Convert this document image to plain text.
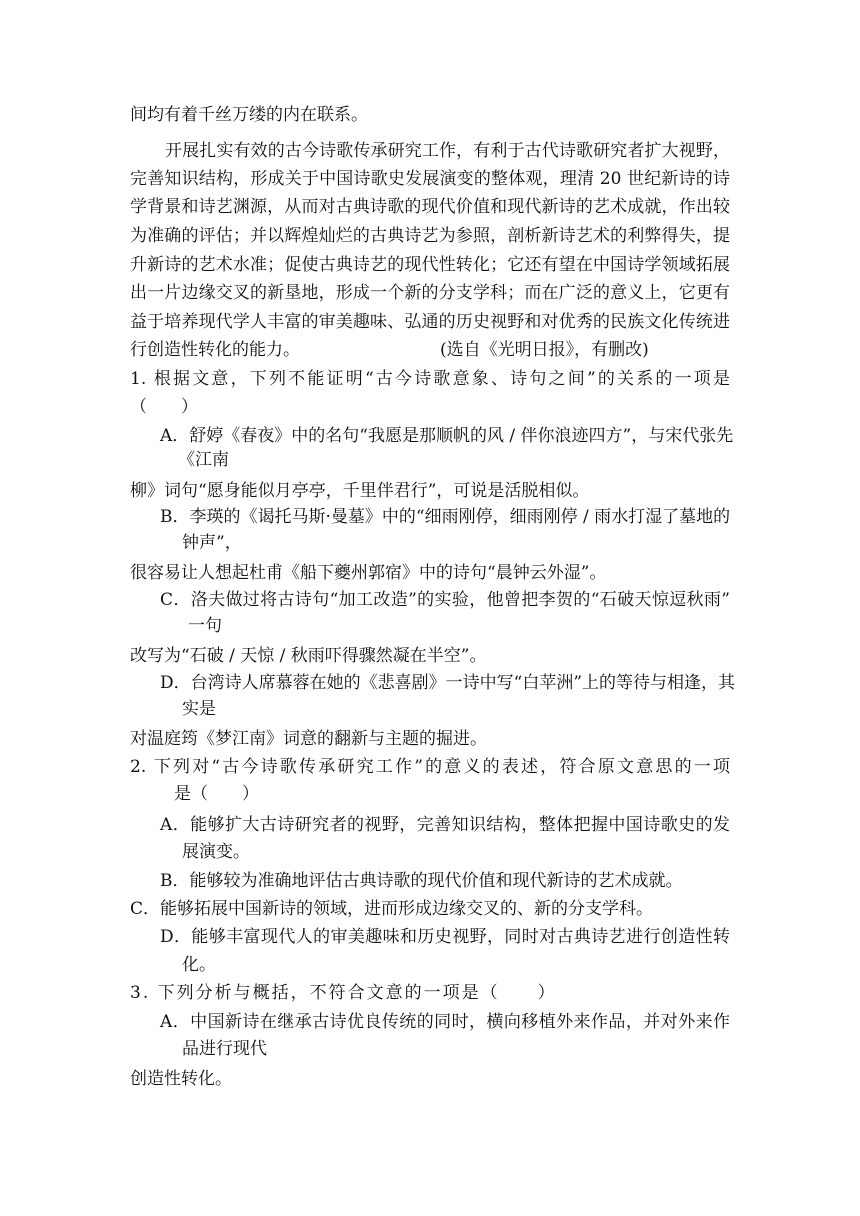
间均有着千丝万缕的内在联系。
开展扎实有效的古今诗歌传承研究工作，有利于古代诗歌研究者扩大视野，
完善知识结构，形成关于中国诗歌史发展演变的整体观，理清 20 世纪新诗的诗
学背景和诗艺渊源，从而对古典诗歌的现代价值和现代新诗的艺术成就，作出较
为准确的评估；并以辉煌灿烂的古典诗艺为参照，剖析新诗艺术的利弊得失，提
升新诗的艺术水准；促使古典诗艺的现代性转化；它还有望在中国诗学领域拓展
出一片边缘交叉的新垦地，形成一个新的分支学科；而在广泛的意义上，它更有
益于培养现代学人丰富的审美趣味、弘通的历史视野和对优秀的民族文化传统进
行创造性转化的能力。	(选自《光明日报》，有删改)
1. 根据文意，下列不能证明“古今诗歌意象、诗句之间”的关系的一项是
（　　）
A．舒婷《春夜》中的名句“我愿是那顺帆的风 / 伴你浪迹四方”，与宋代张先
《江南
柳》词句“愿身能似月亭亭，千里伴君行”，可说是活脱相似。
B．李瑛的《谒托马斯·曼墓》中的“细雨刚停，细雨刚停 / 雨水打湿了墓地的
钟声”，
很容易让人想起杜甫《船下夔州郭宿》中的诗句“晨钟云外湿”。
C．洛夫做过将古诗句“加工改造”的实验，他曾把李贺的“石破天惊逗秋雨”
一句
改写为“石破 / 天惊 / 秋雨吓得骤然凝在半空”。
D．台湾诗人席慕蓉在她的《悲喜剧》一诗中写“白苹洲”上的等待与相逢，其
实是
对温庭筠《梦江南》词意的翻新与主题的掘进。
2. 下列对“古今诗歌传承研究工作”的意义的表述，符合原文意思的一项
是（　　）
A．能够扩大古诗研究者的视野，完善知识结构，整体把握中国诗歌史的发
展演变。
B．能够较为准确地评估古典诗歌的现代价值和现代新诗的艺术成就。
C．能够拓展中国新诗的领域，进而形成边缘交叉的、新的分支学科。
D．能够丰富现代人的审美趣味和历史视野，同时对古典诗艺进行创造性转
化。
3. 下列分析与概括，不符合文意的一项是（　　）
A．中国新诗在继承古诗优良传统的同时，横向移植外来作品，并对外来作
品进行现代
创造性转化。
